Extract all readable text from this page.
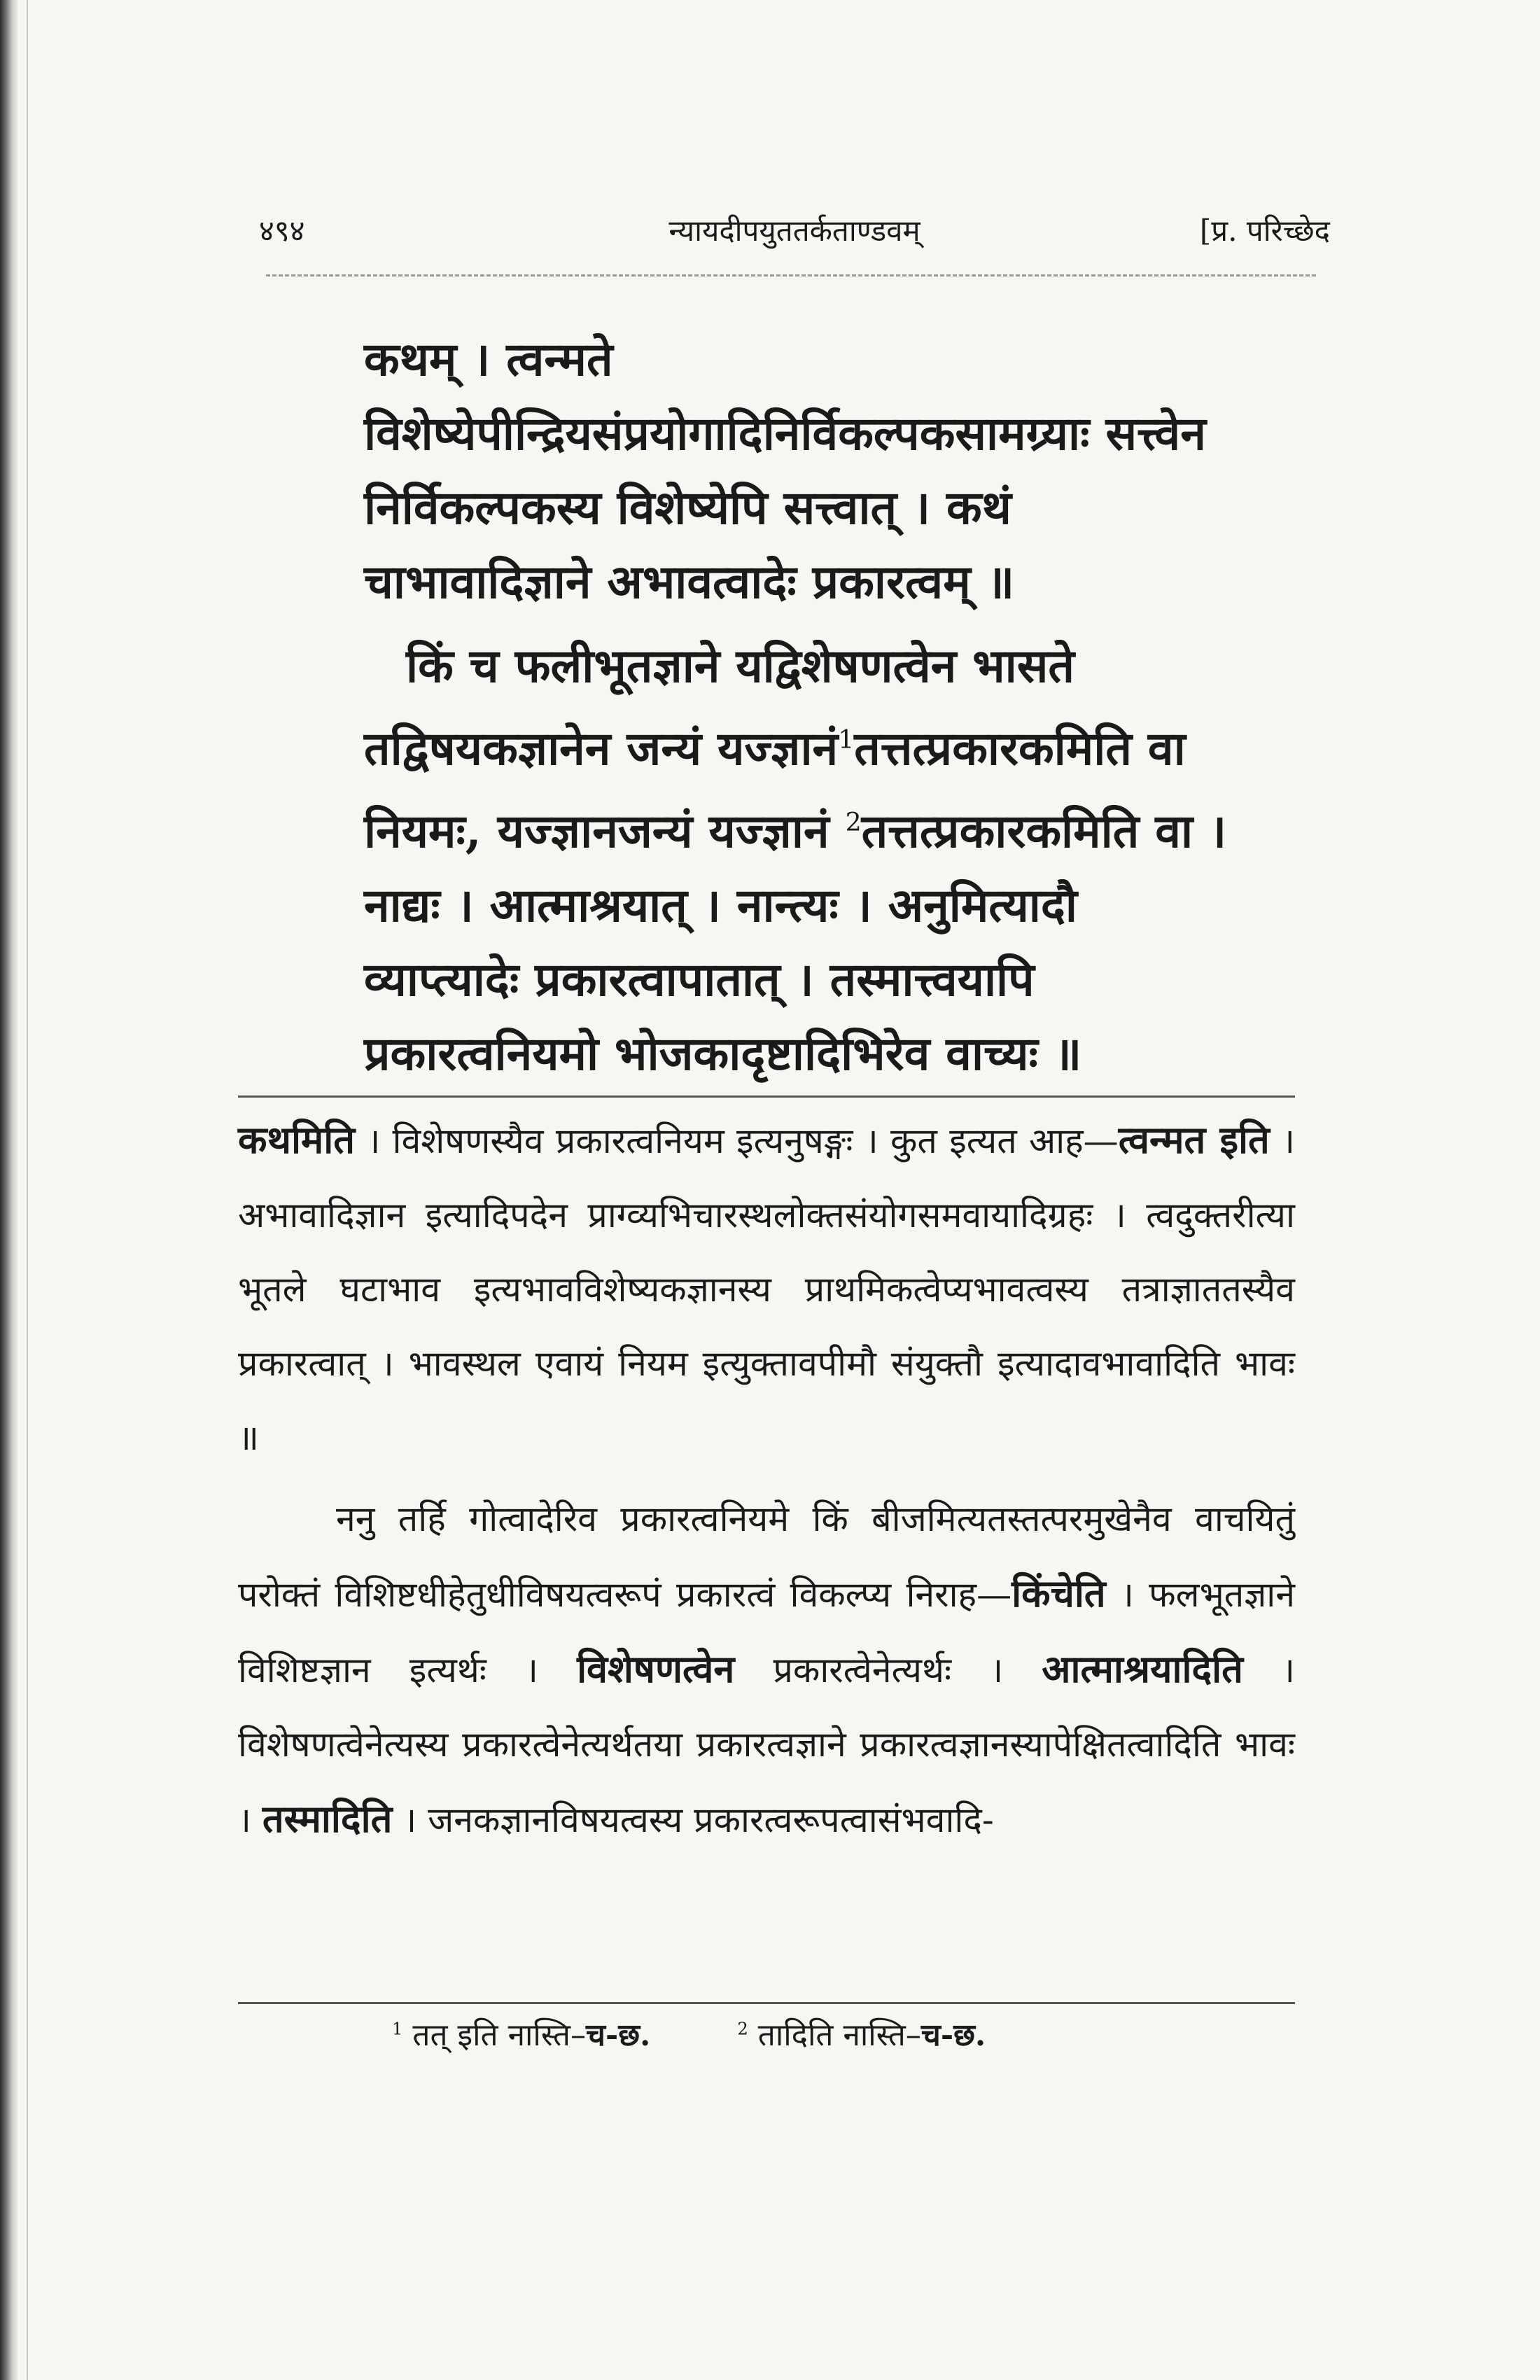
४९४	न्यायदीपयुततर्कताण्डवम्	[प्र. परिच्छेद

कथम् । त्वन्मते विशेष्येपीन्द्रियसंप्रयोगादिनिर्विकल्पकसामग्र्याः सत्त्वेन निर्विकल्पकस्य विशेष्येपि सत्त्वात् । कथं चाभावादिज्ञाने अभावत्वादेः प्रकारत्वम् ॥

किं च फलीभूतज्ञाने यद्विशेषणत्वेन भासते तद्विषयकज्ञानेन जन्यं यज्ज्ञानं$^1$तत्तत्प्रकारकमिति वा नियमः, यज्ज्ञानजन्यं यज्ज्ञानं $^2$तत्तत्प्रकारकमिति वा । नाद्यः । आत्माश्रयात् । नान्त्यः । अनुमित्यादौ व्याप्त्यादेः प्रकारत्वापातात् । तस्मात्त्वयापि प्रकारत्वनियमो भोजकादृष्टादिभिरेव वाच्यः ॥

कथमिति । विशेषणस्यैव प्रकारत्वनियम इत्यनुषङ्गः । कुत इत्यत आह—त्वन्मत इति । अभावादिज्ञान इत्यादिपदेन प्राग्व्यभिचारस्थलोक्तसंयोगसमवायादिग्रहः । त्वदुक्तरीत्या भूतले घटाभाव इत्यभावविशेष्यकज्ञानस्य प्राथमिकत्वेप्यभावत्वस्य तत्राज्ञाततस्यैव प्रकारत्वात् । भावस्थल एवायं नियम इत्युक्तावपीमौ संयुक्तौ इत्यादावभावादिति भावः ॥

ननु तर्हि गोत्वादेरिव प्रकारत्वनियमे किं बीजमित्यतस्तत्परमुखेनैव वाचयितुं परोक्तं विशिष्टधीहेतुधीविषयत्वरूपं प्रकारत्वं विकल्प्य निराह—किंचेति । फलभूतज्ञाने विशिष्टज्ञान इत्यर्थः । विशेषणत्वेन प्रकारत्वेनेत्यर्थः । आत्माश्रयादिति । विशेषणत्वेनेत्यस्य प्रकारत्वेनेत्यर्थतया प्रकारत्वज्ञाने प्रकारत्वज्ञानस्यापेक्षितत्वादिति भावः । तस्मादिति । जनकज्ञानविषयत्वस्य प्रकारत्वरूपत्वासंभवादि-

$^1$ तत् इति नास्ति–च-छ.	$^2$ तादिति नास्ति–च-छ.
